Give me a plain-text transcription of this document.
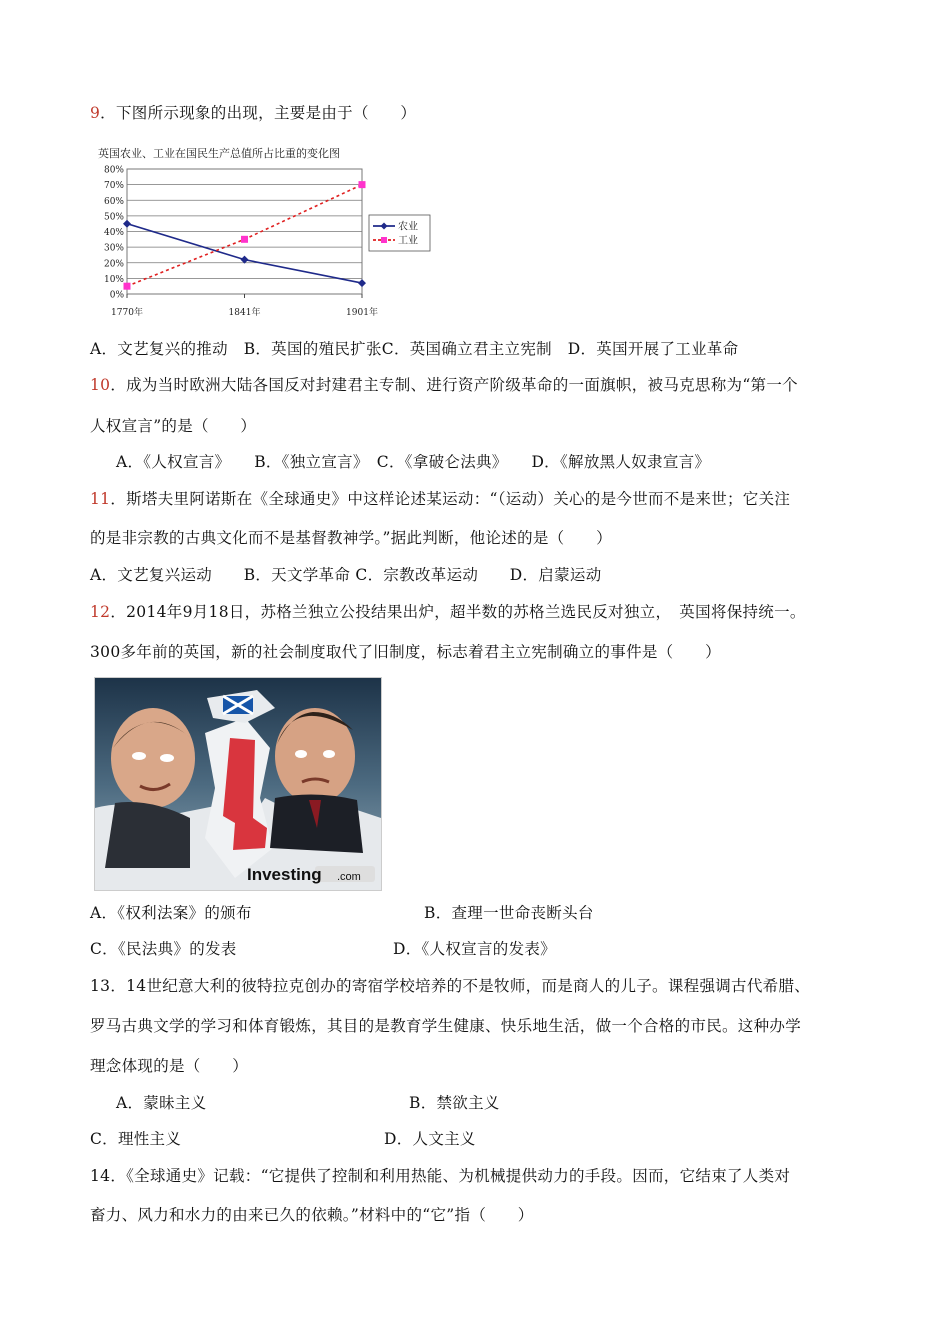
9．下图所示现象的出现，主要是由于（　　）
英国农业、工业在国民生产总值所占比重的变化图
0%
10%
20%
30%
40%
50%
60%
70%
80%
1770年	1841年	1901年
农业
工业
A．文艺复兴的推动　B．英国的殖民扩张C．英国确立君主立宪制　D．英国开展了工业革命
10．成为当时欧洲大陆各国反对封建君主专制、进行资产阶级革命的一面旗帜，被马克思称为“第一个
人权宣言”的是（　　）
A．《人权宣言》　　B．《独立宣言》　C．《拿破仑法典》　　D．《解放黑人奴隶宣言》
11．斯塔夫里阿诺斯在《全球通史》中这样论述某运动：“（运动）关心的是今世而不是来世；它关注
的是非宗教的古典文化而不是基督教神学。”据此判断，他论述的是（　　）
A．文艺复兴运动　　B．天文学革命 C．宗教改革运动　　D．启蒙运动
12．2014年9月18日，苏格兰独立公投结果出炉，超半数的苏格兰选民反对独立，　英国将保持统一。
300多年前的英国，新的社会制度取代了旧制度，标志着君主立宪制确立的事件是（　　）
Investing .com
A．《权利法案》的颁布	B．查理一世命丧断头台
C．《民法典》的发表	D．《人权宣言的发表》
13．14世纪意大利的彼特拉克创办的寄宿学校培养的不是牧师，而是商人的儿子。课程强调古代希腊、
罗马古典文学的学习和体育锻炼，其目的是教育学生健康、快乐地生活，做一个合格的市民。这种办学
理念体现的是（　　）
A．蒙昧主义	B．禁欲主义
C．理性主义	D．人文主义
14．《全球通史》记载：“它提供了控制和利用热能、为机械提供动力的手段。因而，它结束了人类对
畜力、风力和水力的由来已久的依赖。”材料中的“它”指（　　）
